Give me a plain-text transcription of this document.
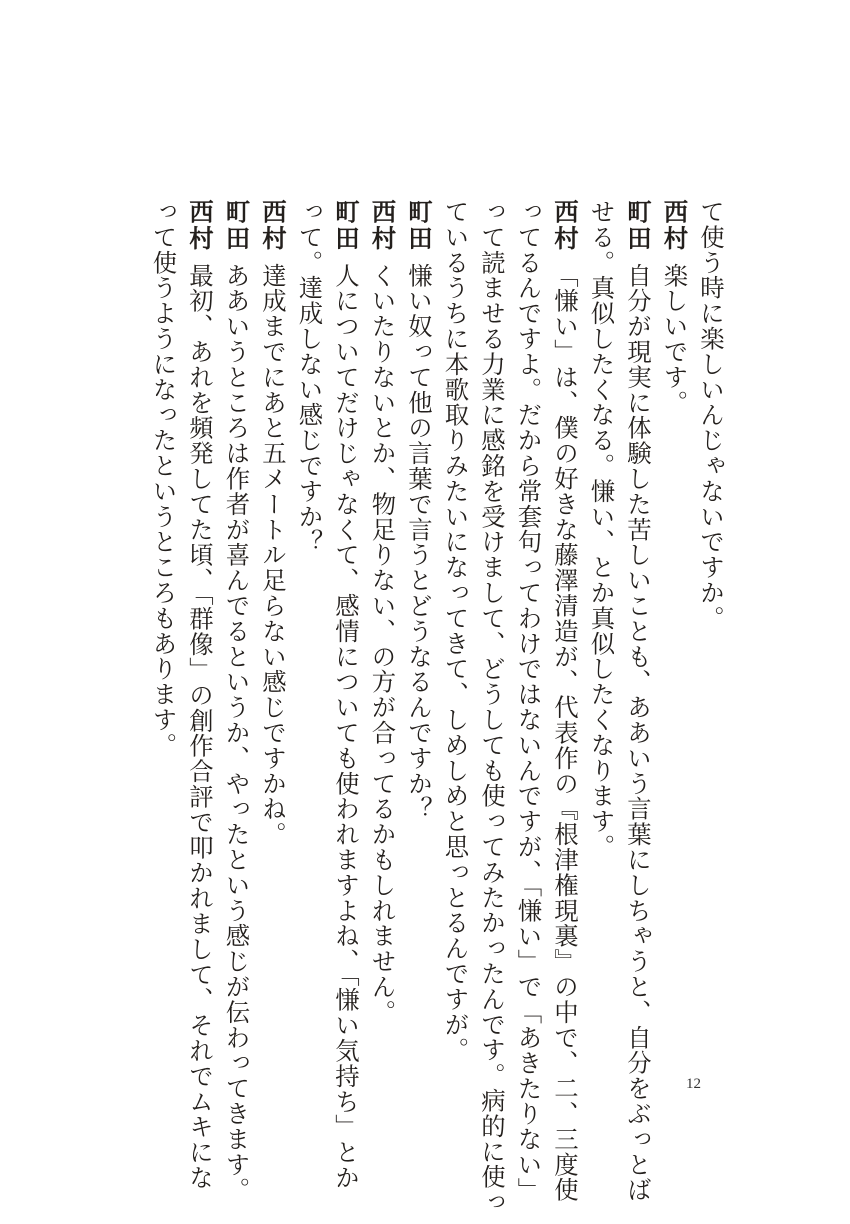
て使う時に楽しいんじゃないですか。
西村楽しいです。
町田自分が現実に体験した苦しいことも、ああいう言葉にしちゃうと、自分をぶっとば
せる。真似したくなる。慊い、とか真似したくなります。
西村「慊い」は、僕の好きな藤澤清造が、代表作の『根津権現裏』の中で、二、三度使
ってるんですよ。だから常套句ってわけではないんですが、「慊い」で「あきたりない」
って読ませる力業に感銘を受けまして、どうしても使ってみたかったんです。病的に使っ
ているうちに本歌取りみたいになってきて、しめしめと思っとるんですが。
町田慊い奴って他の言葉で言うとどうなるんですか？
西村くいたりないとか、物足りない、の方が合ってるかもしれません。
町田人についてだけじゃなくて、感情についても使われますよね、「慊い気持ち」とか
って。達成しない感じですか？
西村達成までにあと五メートル足らない感じですかね。
町田ああいうところは作者が喜んでるというか、やったという感じが伝わってきます。
西村最初、あれを頻発してた頃、「群像」の創作合評で叩かれまして、それでムキにな
って使うようになったというところもあります。
12
